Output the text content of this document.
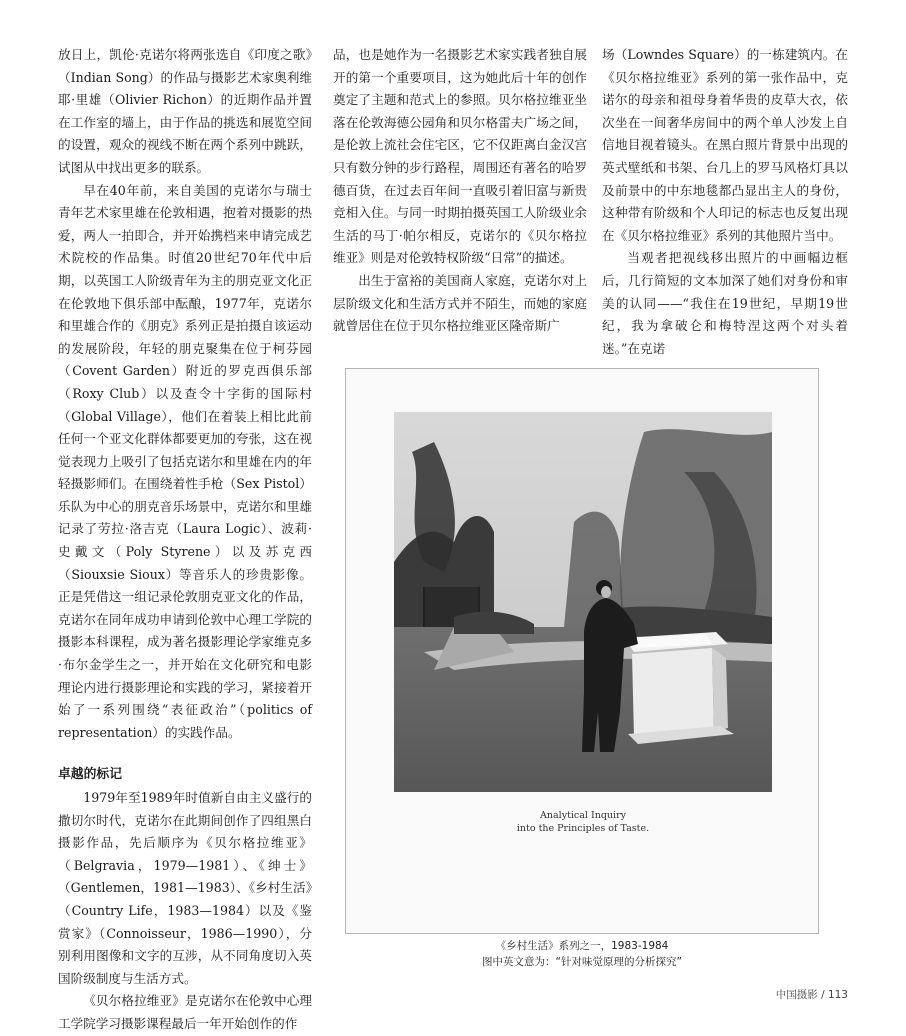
放日上，凯伦·克诺尔将两张选自《印度之歌》（Indian Song）的作品与摄影艺术家奥利维耶·里雄（Olivier Richon）的近期作品并置在工作室的墙上，由于作品的挑选和展览空间的设置，观众的视线不断在两个系列中跳跃，试图从中找出更多的联系。

早在40年前，来自美国的克诺尔与瑞士青年艺术家里雄在伦敦相遇，抱着对摄影的热爱，两人一拍即合，并开始携档来申请完成艺术院校的作品集。时值20世纪70年代中后期，以英国工人阶级青年为主的朋克亚文化正在伦敦地下俱乐部中酝酿，1977年，克诺尔和里雄合作的《朋克》系列正是拍摄自该运动的发展阶段，年轻的朋克聚集在位于柯芬园（Covent Garden）附近的罗克西俱乐部（Roxy Club）以及查令十字街的国际村（Global Village），他们在着装上相比此前任何一个亚文化群体都要更加的夸张，这在视觉表现力上吸引了包括克诺尔和里雄在内的年轻摄影师们。在围绕着性手枪（Sex Pistol）乐队为中心的朋克音乐场景中，克诺尔和里雄记录了劳拉·洛吉克（Laura Logic）、波莉·史戴文（Poly Styrene）以及苏克西（Siouxsie Sioux）等音乐人的珍贵影像。正是凭借这一组记录伦敦朋克亚文化的作品，克诺尔在同年成功申请到伦敦中心理工学院的摄影本科课程，成为著名摄影理论学家维克多·布尔金学生之一，并开始在文化研究和电影理论内进行摄影理论和实践的学习，紧接着开始了一系列围绕“表征政治”（politics of representation）的实践作品。

卓越的标记

1979年至1989年时值新自由主义盛行的撒切尔时代，克诺尔在此期间创作了四组黑白摄影作品，先后顺序为《贝尔格拉维亚》（Belgravia，1979—1981）、《绅士》（Gentlemen，1981—1983）、《乡村生活》（Country Life，1983—1984）以及《鉴赏家》（Connoisseur，1986—1990），分别利用图像和文字的互涉，从不同角度切入英国阶级制度与生活方式。

《贝尔格拉维亚》是克诺尔在伦敦中心理工学院学习摄影课程最后一年开始创作的作

品，也是她作为一名摄影艺术家实践者独自展开的第一个重要项目，这为她此后十年的创作奠定了主题和范式上的参照。贝尔格拉维亚坐落在伦敦海德公园角和贝尔格雷夫广场之间，是伦敦上流社会住宅区，它不仅距离白金汉宫只有数分钟的步行路程，周围还有著名的哈罗德百货，在过去百年间一直吸引着旧富与新贵竞相入住。与同一时期拍摄英国工人阶级业余生活的马丁·帕尔相反，克诺尔的《贝尔格拉维亚》则是对伦敦特权阶级“日常”的描述。

出生于富裕的美国商人家庭，克诺尔对上层阶级文化和生活方式并不陌生，而她的家庭就曾居住在位于贝尔格拉维亚区隆帝斯广

场（Lowndes Square）的一栋建筑内。在《贝尔格拉维亚》系列的第一张作品中，克诺尔的母亲和祖母身着华贵的皮草大衣，依次坐在一间奢华房间中的两个单人沙发上自信地目视着镜头。在黑白照片背景中出现的英式壁纸和书架、台几上的罗马风格灯具以及前景中的中东地毯都凸显出主人的身份，这种带有阶级和个人印记的标志也反复出现在《贝尔格拉维亚》系列的其他照片当中。

当观者把视线移出照片的中画幅边框后，几行简短的文本加深了她们对身份和审美的认同——“我住在19世纪，早期19世纪，我为拿破仑和梅特涅这两个对头着迷。”在克诺

Analytical Inquiry
into the Principles of Taste.
《乡村生活》系列之一，1983-1984
图中英文意为：“针对味觉原理的分析探究”
中国摄影 / 113
